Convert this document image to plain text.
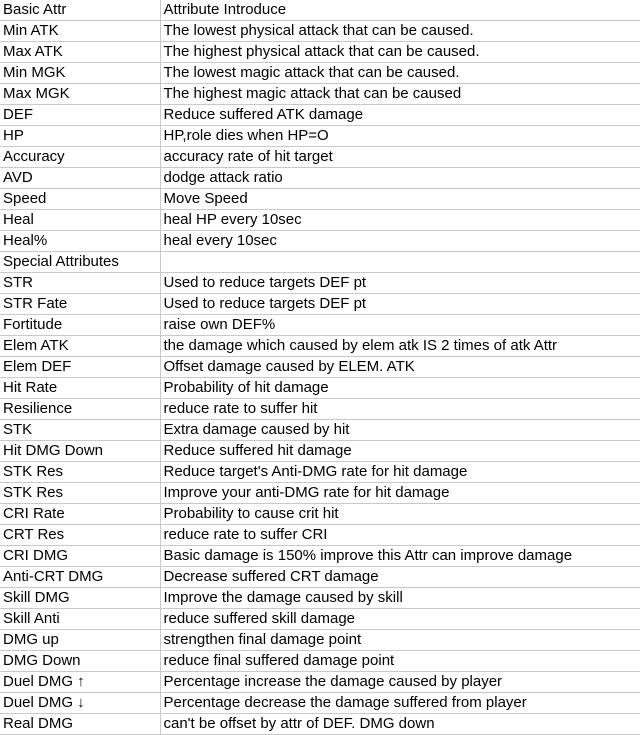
Basic Attr	Attribute Introduce
Min ATK	The lowest physical attack that can be caused.
Max ATK	The highest physical attack that can be caused.
Min MGK	The lowest magic attack that can be caused.
Max MGK	The highest magic attack that can be caused
DEF	Reduce suffered ATK damage
HP	HP,role dies when HP=O
Accuracy	accuracy rate of hit target
AVD	dodge attack ratio
Speed	Move Speed
Heal	heal HP every 10sec
Heal%	heal every 10sec
Special Attributes	
STR	Used to reduce targets DEF pt
STR Fate	Used to reduce targets DEF pt
Fortitude	raise own DEF%
Elem ATK	the damage which caused by elem atk IS 2 times of atk Attr
Elem DEF	Offset damage caused by ELEM. ATK
Hit Rate	Probability of hit damage
Resilience	reduce rate to suffer hit
STK	Extra damage caused by hit
Hit DMG Down	Reduce suffered hit damage
STK Res	Reduce target's Anti-DMG rate for hit damage
STK Res	Improve your anti-DMG rate for hit damage
CRI Rate	Probability to cause crit hit
CRT Res	reduce rate to suffer CRI
CRI DMG	Basic damage is 150% improve this Attr can improve damage
Anti-CRT DMG	Decrease suffered CRT damage
Skill DMG	Improve the damage caused by skill
Skill Anti	reduce suffered skill damage
DMG up	strengthen final damage point
DMG Down	reduce final suffered damage point
Duel DMG ↑	Percentage increase the damage caused by player
Duel DMG ↓	Percentage decrease the damage suffered from player
Real DMG	can't be offset by attr of DEF. DMG down
